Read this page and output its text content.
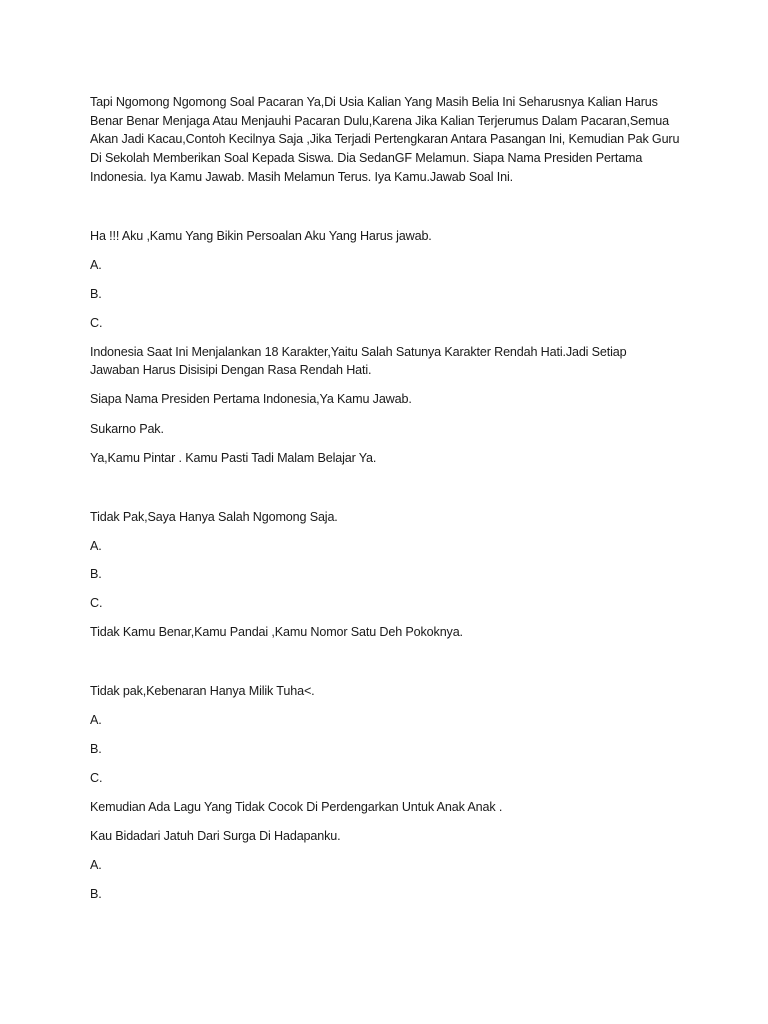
Tapi Ngomong Ngomong Soal Pacaran Ya,Di Usia Kalian Yang Masih Belia Ini Seharusnya Kalian Harus
Benar Benar Menjaga Atau Menjauhi Pacaran Dulu,Karena Jika Kalian Terjerumus Dalam Pacaran,Semua
Akan Jadi Kacau,Contoh Kecilnya Saja ,Jika Terjadi Pertengkaran Antara Pasangan Ini, Kemudian Pak Guru
Di Sekolah Memberikan Soal Kepada Siswa. Dia SedanGF Melamun. Siapa Nama Presiden Pertama
Indonesia. Iya Kamu Jawab. Masih Melamun Terus. Iya Kamu.Jawab Soal Ini.
Ha !!! Aku ,Kamu Yang Bikin Persoalan Aku Yang Harus jawab.
A.
B.
C.
Indonesia Saat Ini Menjalankan 18 Karakter,Yaitu Salah Satunya Karakter Rendah Hati.Jadi Setiap
Jawaban Harus Disisipi Dengan Rasa Rendah Hati.
Siapa Nama Presiden Pertama Indonesia,Ya Kamu Jawab.
Sukarno Pak.
Ya,Kamu Pintar . Kamu Pasti Tadi Malam Belajar Ya.
Tidak Pak,Saya Hanya Salah Ngomong Saja.
A.
B.
C.
Tidak Kamu Benar,Kamu Pandai ,Kamu Nomor Satu Deh Pokoknya.
Tidak pak,Kebenaran Hanya Milik Tuha<.
A.
B.
C.
Kemudian Ada Lagu Yang Tidak Cocok Di Perdengarkan Untuk Anak Anak .
Kau Bidadari Jatuh Dari Surga Di Hadapanku.
A.
B.
